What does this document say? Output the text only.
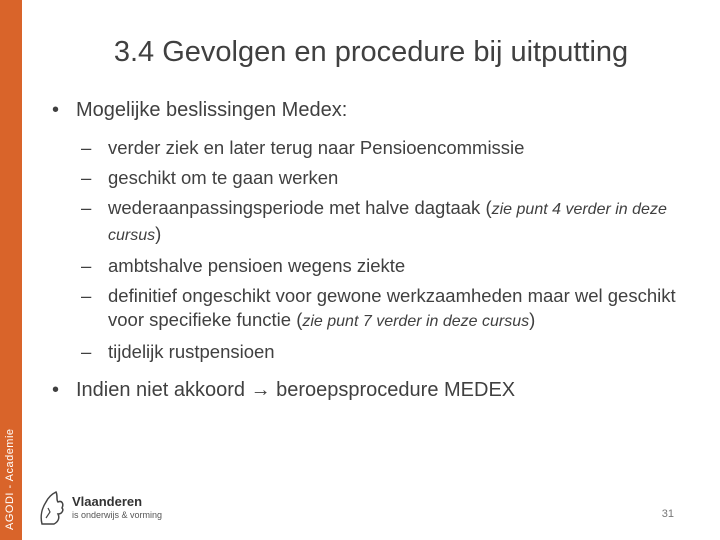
AGODI - Academie
3.4 Gevolgen en procedure bij uitputting
• Mogelijke beslissingen Medex:
– verder ziek en later terug naar Pensioencommissie
– geschikt om te gaan werken
– wederaanpassingsperiode met halve dagtaak (zie punt 4 verder in deze cursus)
– ambtshalve pensioen wegens ziekte
– definitief ongeschikt voor gewone werkzaamheden maar wel geschikt voor specifieke functie (zie punt 7 verder in deze cursus)
– tijdelijk rustpensioen
• Indien niet akkoord → beroepsprocedure MEDEX
Vlaanderen
is onderwijs & vorming	31
